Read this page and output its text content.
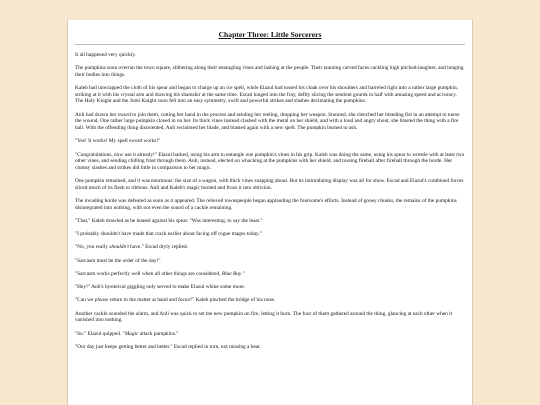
Chapter Three: Little Sorcerers

It all happened very quickly.

The pumpkins soon overran the town square, slithering along their entangling vines and lashing at the people. Their taunting carved faces cackling high pitched-laughter, and lunging their bodies into things.

Kaleb had unwrapped the cloth of his spear and began to charge up an ice spell, while Elazul had tossed his cloak over his shoulders and barreled right into a rather large pumpkin, striking at it with his crystal arm and drawing his shamshir at the same time. Escad lunged into the fray, deftly slicing the sentient gourds in half with amazing speed and accuracy. The Holy Knight and the Jumi Knight soon fell into an easy symmetry, swift and powerful strikes and slashes decimating the pumpkins.

Anli had drawn her sword to join them, cutting her hand in the process and sending her reeling, dropping her weapon. Stunned, she clenched her bleeding fist in an attempt to nurse the wound. One rather large pumpkin closed in on her. Its thick vines instead clashed with the metal on her shield, and with a loud and angry shout, she blasted the thing with a fire ball. With the offending thing disoriented, Anli reclaimed her blade, and blasted again with a new spell. The pumpkin burned to ash.

"Yes! It works! My spell sword works!"

"Congratulations, now use it already!" Elazul barked, using his arm to entangle one pumpkin's vines in his grip. Kaleb was doing the same, using his spear to wrestle with at least two other vines, and sending chilling frost through them. Anli, instead, elected on whacking at the pumpkins with her shield, and tossing fireball after fireball through the horde. Her clumsy slashes and strikes did little in comparison to her magic.

One pumpkin remained, and it was enormous: the size of a wagon, with thick vines snapping about. But its intimidating display was all for show. Escad and Elazul's combined forces sliced much of its flesh to ribbons. Anli and Kaleb's magic burned and froze it into oblivion.

The invading horde was defeated as soon as it appeared. The relieved townspeople began applauding the foursome's efforts. Instead of gooey chunks, the remains of the pumpkins disintegrated into nothing, with not even the sound of a cackle remaining.

"That," Kaleb drawled as he leaned against his spear. "Was interesting, to say the least."

"I probably shouldn't have made that crack earlier about facing off rogue mages today."

"No, you really shouldn't have." Escad dryly replied.

"Sarcasm must be the order of the day!"

"Sarcasm works perfectly well when all other things are considered, Blue Boy."

"Hey!" Anli's hysterical giggling only served to make Elazul whine some more.

"Can we please return to the matter at hand and focus?" Kaleb pinched the bridge of his nose.

Another cackle sounded the alarm, and Anli was quick to set the new pumpkin on fire, letting it burn. The four of them gathered around the thing, glancing at each other when it vanished into nothing.

"So." Elazul quipped. "Magic attack pumpkins."

"Our day just keeps getting better and better." Escad replied in turn, not missing a beat.
